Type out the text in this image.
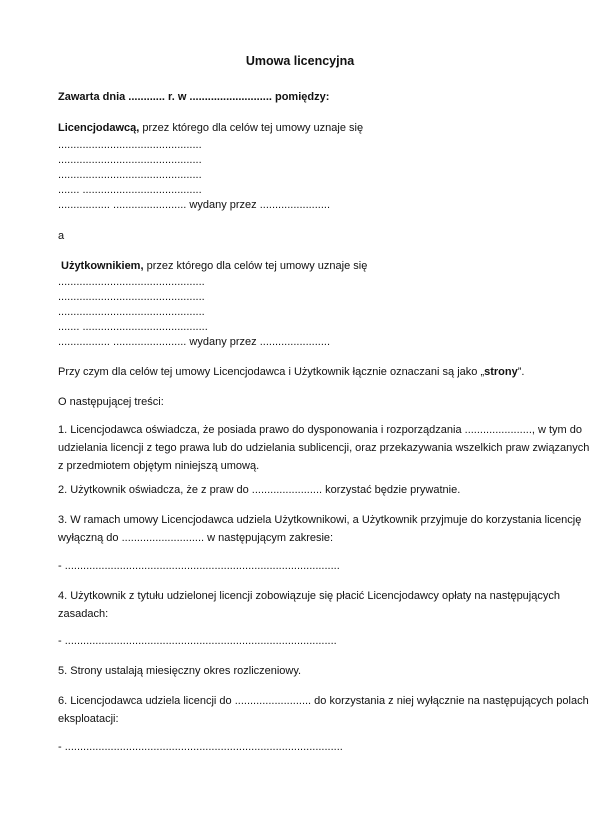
Umowa licencyjna
Zawarta dnia ............ r. w ........................... pomiędzy:
Licencjodawcą, przez którego dla celów tej umowy uznaje się
...............................................
...............................................
...............................................
....... .......................................
................. ........................ wydany przez .......................
a
Użytkownikiem, przez którego dla celów tej umowy uznaje się
................................................
................................................
................................................
....... .........................................
................. ........................ wydany przez .......................
Przy czym dla celów tej umowy Licencjodawca i Użytkownik łącznie oznaczani są jako „strony”.
O następującej treści:
1. Licencjodawca oświadcza, że posiada prawo do dysponowania i rozporządzania ......................, w tym do
udzielania licencji z tego prawa lub do udzielania sublicencji, oraz przekazywania wszelkich praw związanych
z przedmiotem objętym niniejszą umową.
2. Użytkownik oświadcza, że z praw do ....................... korzystać będzie prywatnie.
3. W ramach umowy Licencjodawca udziela Użytkownikowi, a Użytkownik przyjmuje do korzystania licencję
wyłączną do ........................... w następującym zakresie:
- ..........................................................................................
4. Użytkownik z tytułu udzielonej licencji zobowiązuje się płacić Licencjodawcy opłaty na następujących
zasadach:
- .........................................................................................
5. Strony ustalają miesięczny okres rozliczeniowy.
6. Licencjodawca udziela licencji do ......................... do korzystania z niej wyłącznie na następujących polach
eksploatacji:
- ...........................................................................................
